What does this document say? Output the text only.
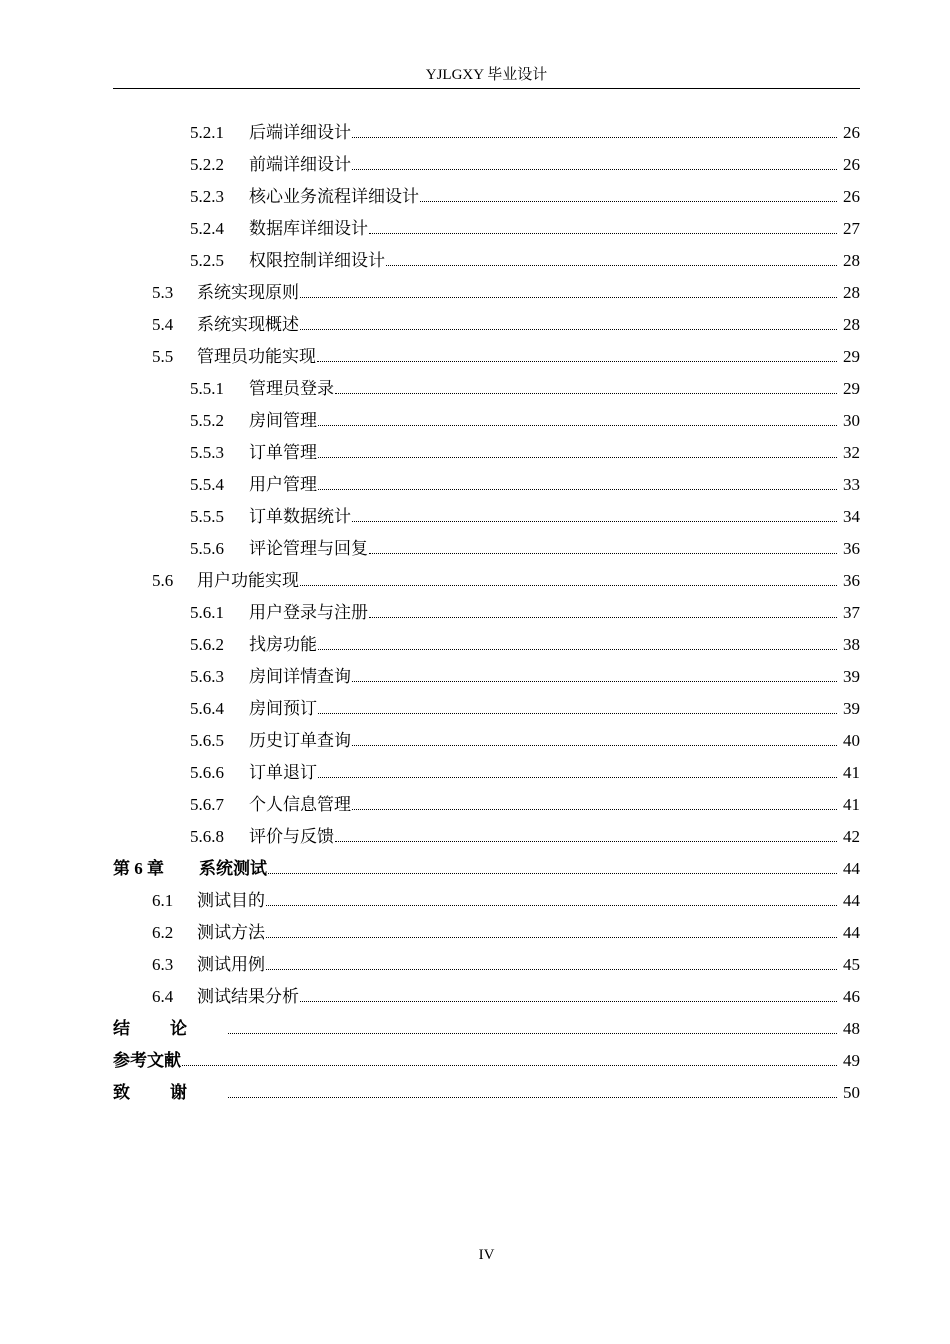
YJLGXY 毕业设计
5.2.1	后端详细设计	26
5.2.2	前端详细设计	26
5.2.3	核心业务流程详细设计	26
5.2.4	数据库详细设计	27
5.2.5	权限控制详细设计	28
5.3	系统实现原则	28
5.4	系统实现概述	28
5.5	管理员功能实现	29
5.5.1	管理员登录	29
5.5.2	房间管理	30
5.5.3	订单管理	32
5.5.4	用户管理	33
5.5.5	订单数据统计	34
5.5.6	评论管理与回复	36
5.6	用户功能实现	36
5.6.1	用户登录与注册	37
5.6.2	找房功能	38
5.6.3	房间详情查询	39
5.6.4	房间预订	39
5.6.5	历史订单查询	40
5.6.6	订单退订	41
5.6.7	个人信息管理	41
5.6.8	评价与反馈	42
第 6 章	系统测试	44
6.1	测试目的	44
6.2	测试方法	44
6.3	测试用例	45
6.4	测试结果分析	46
结论	48
参考文献	49
致谢	50
IV
